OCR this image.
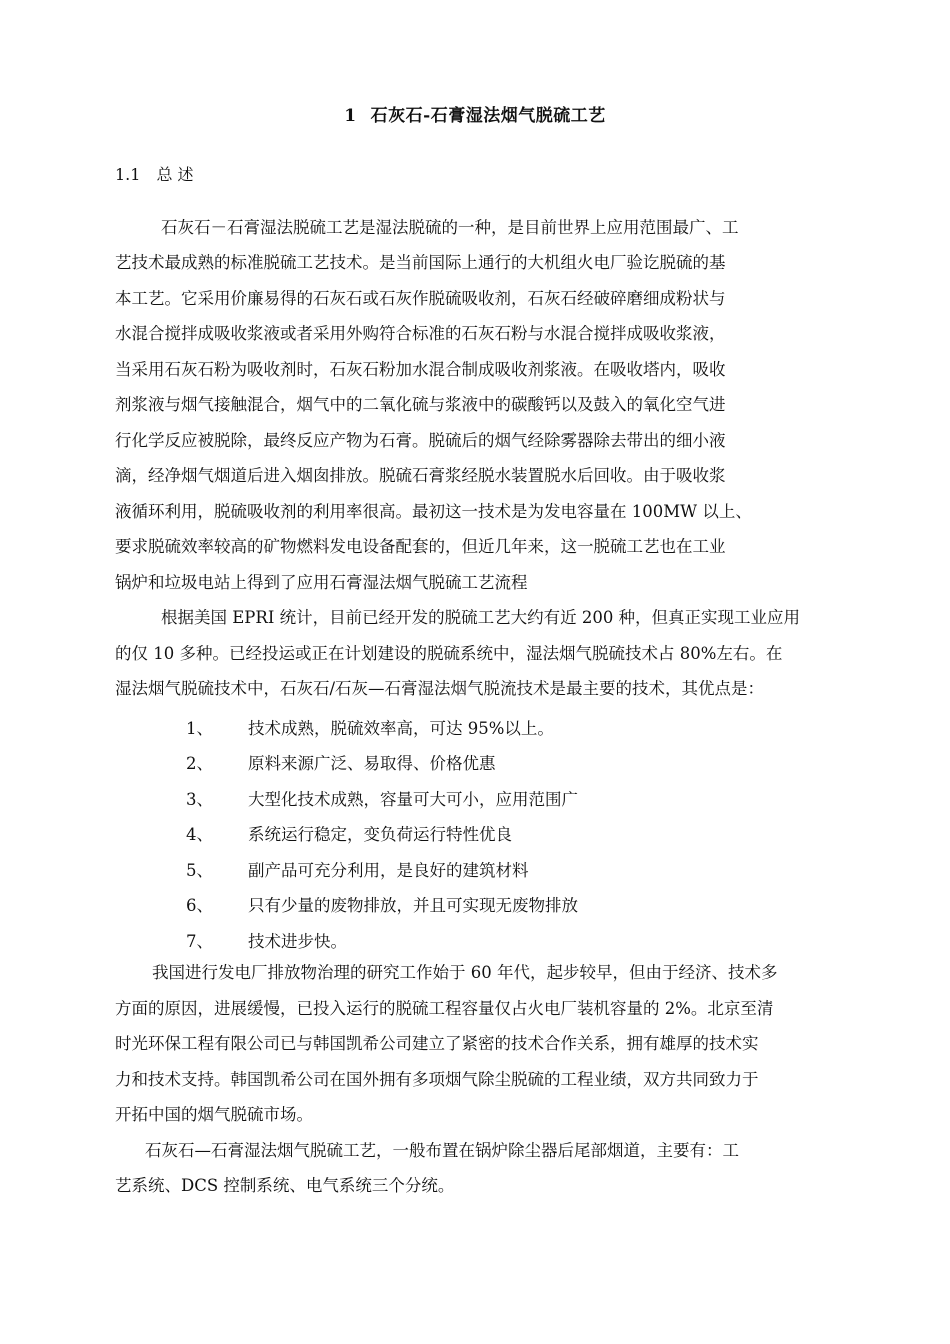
1 石灰石-石膏湿法烟气脱硫工艺
1.1 总 述
石灰石－石膏湿法脱硫工艺是湿法脱硫的一种，是目前世界上应用范围最广、工
艺技术最成熟的标准脱硫工艺技术。是当前国际上通行的大机组火电厂验讫脱硫的基
本工艺。它采用价廉易得的石灰石或石灰作脱硫吸收剂，石灰石经破碎磨细成粉状与
水混合搅拌成吸收浆液或者采用外购符合标准的石灰石粉与水混合搅拌成吸收浆液，
当采用石灰石粉为吸收剂时，石灰石粉加水混合制成吸收剂浆液。在吸收塔内，吸收
剂浆液与烟气接触混合，烟气中的二氧化硫与浆液中的碳酸钙以及鼓入的氧化空气进
行化学反应被脱除，最终反应产物为石膏。脱硫后的烟气经除雾器除去带出的细小液
滴，经净烟气烟道后进入烟囱排放。脱硫石膏浆经脱水装置脱水后回收。由于吸收浆
液循环利用，脱硫吸收剂的利用率很高。最初这一技术是为发电容量在 100MW 以上、
要求脱硫效率较高的矿物燃料发电设备配套的，但近几年来，这一脱硫工艺也在工业
锅炉和垃圾电站上得到了应用石膏湿法烟气脱硫工艺流程
根据美国 EPRI 统计，目前已经开发的脱硫工艺大约有近 200 种，但真正实现工业应用
的仅 10 多种。已经投运或正在计划建设的脱硫系统中，湿法烟气脱硫技术占 80%左右。在
湿法烟气脱硫技术中，石灰石/石灰—石膏湿法烟气脱流技术是最主要的技术，其优点是：
1、 技术成熟，脱硫效率高，可达 95%以上。
2、 原料来源广泛、易取得、价格优惠
3、 大型化技术成熟，容量可大可小，应用范围广
4、 系统运行稳定，变负荷运行特性优良
5、 副产品可充分利用，是良好的建筑材料
6、 只有少量的废物排放，并且可实现无废物排放
7、 技术进步快。
我国进行发电厂排放物治理的研究工作始于 60 年代，起步较早，但由于经济、技术多
方面的原因，进展缓慢，已投入运行的脱硫工程容量仅占火电厂装机容量的 2%。北京至清
时光环保工程有限公司已与韩国凯希公司建立了紧密的技术合作关系，拥有雄厚的技术实
力和技术支持。韩国凯希公司在国外拥有多项烟气除尘脱硫的工程业绩，双方共同致力于
开拓中国的烟气脱硫市场。
石灰石—石膏湿法烟气脱硫工艺，一般布置在锅炉除尘器后尾部烟道，主要有：工
艺系统、DCS 控制系统、电气系统三个分统。
